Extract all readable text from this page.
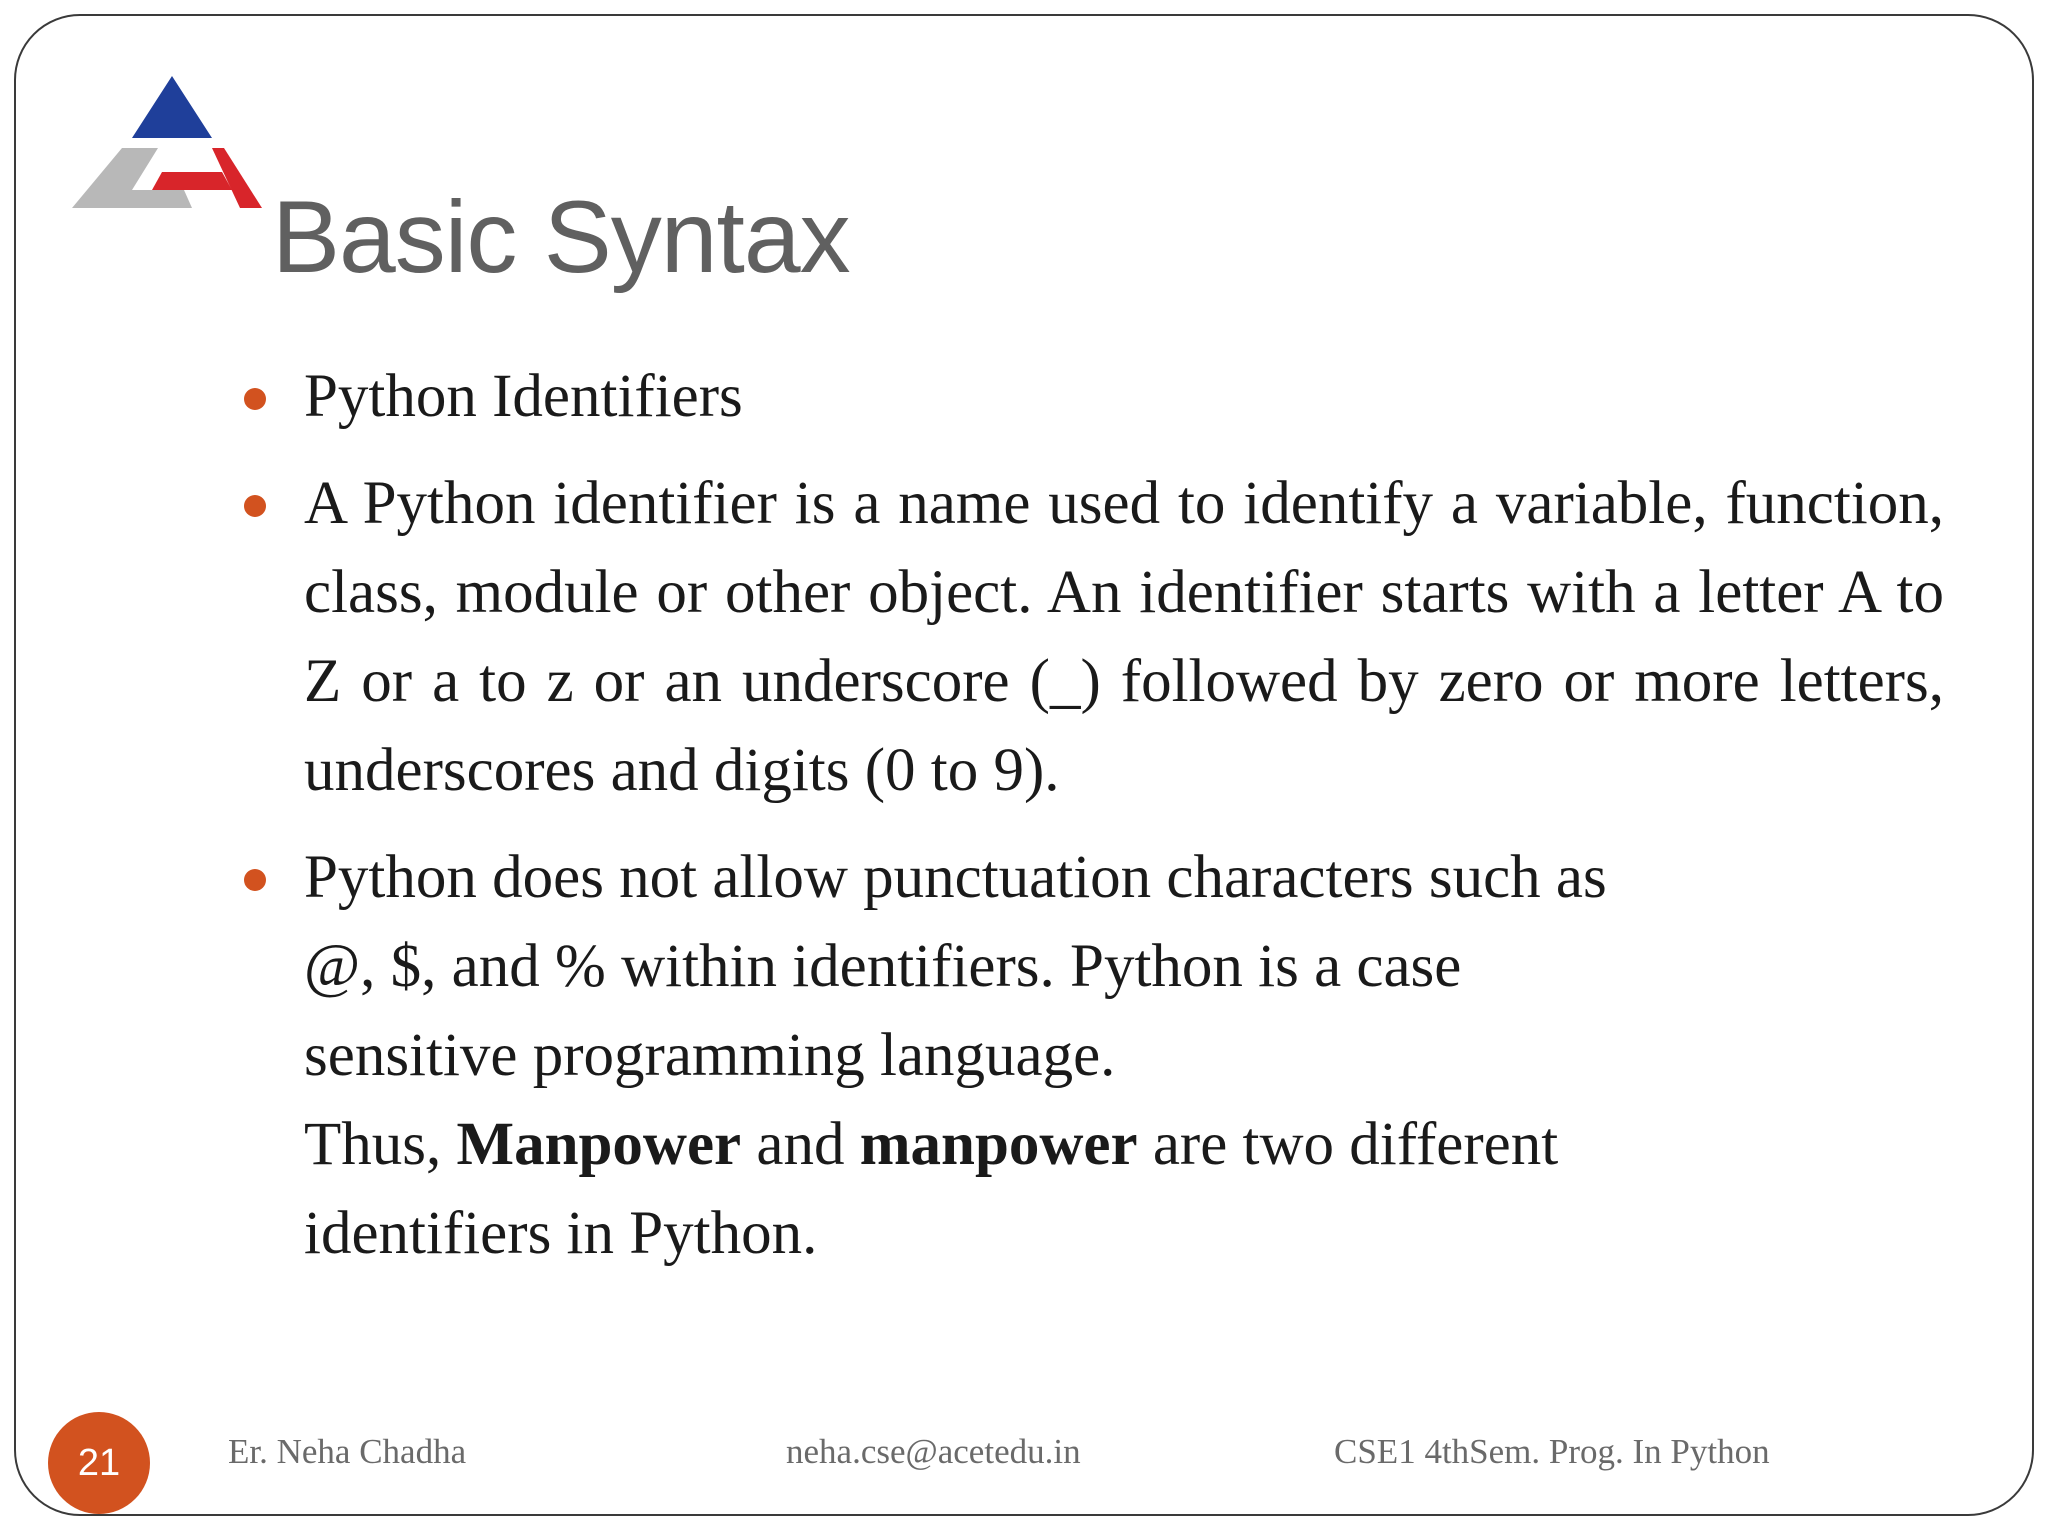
Basic Syntax
Python Identifiers
A Python identifier is a name used to identify a variable, function, class, module or other object. An identifier starts with a letter A to Z or a to z or an underscore (_) followed by zero or more letters, underscores and digits (0 to 9).
Python does not allow punctuation characters such as @, $, and % within identifiers. Python is a case sensitive programming language.
Thus, Manpower and manpower are two different identifiers in Python.
21	Er. Neha Chadha	neha.cse@acetedu.in	CSE1 4thSem. Prog. In Python
